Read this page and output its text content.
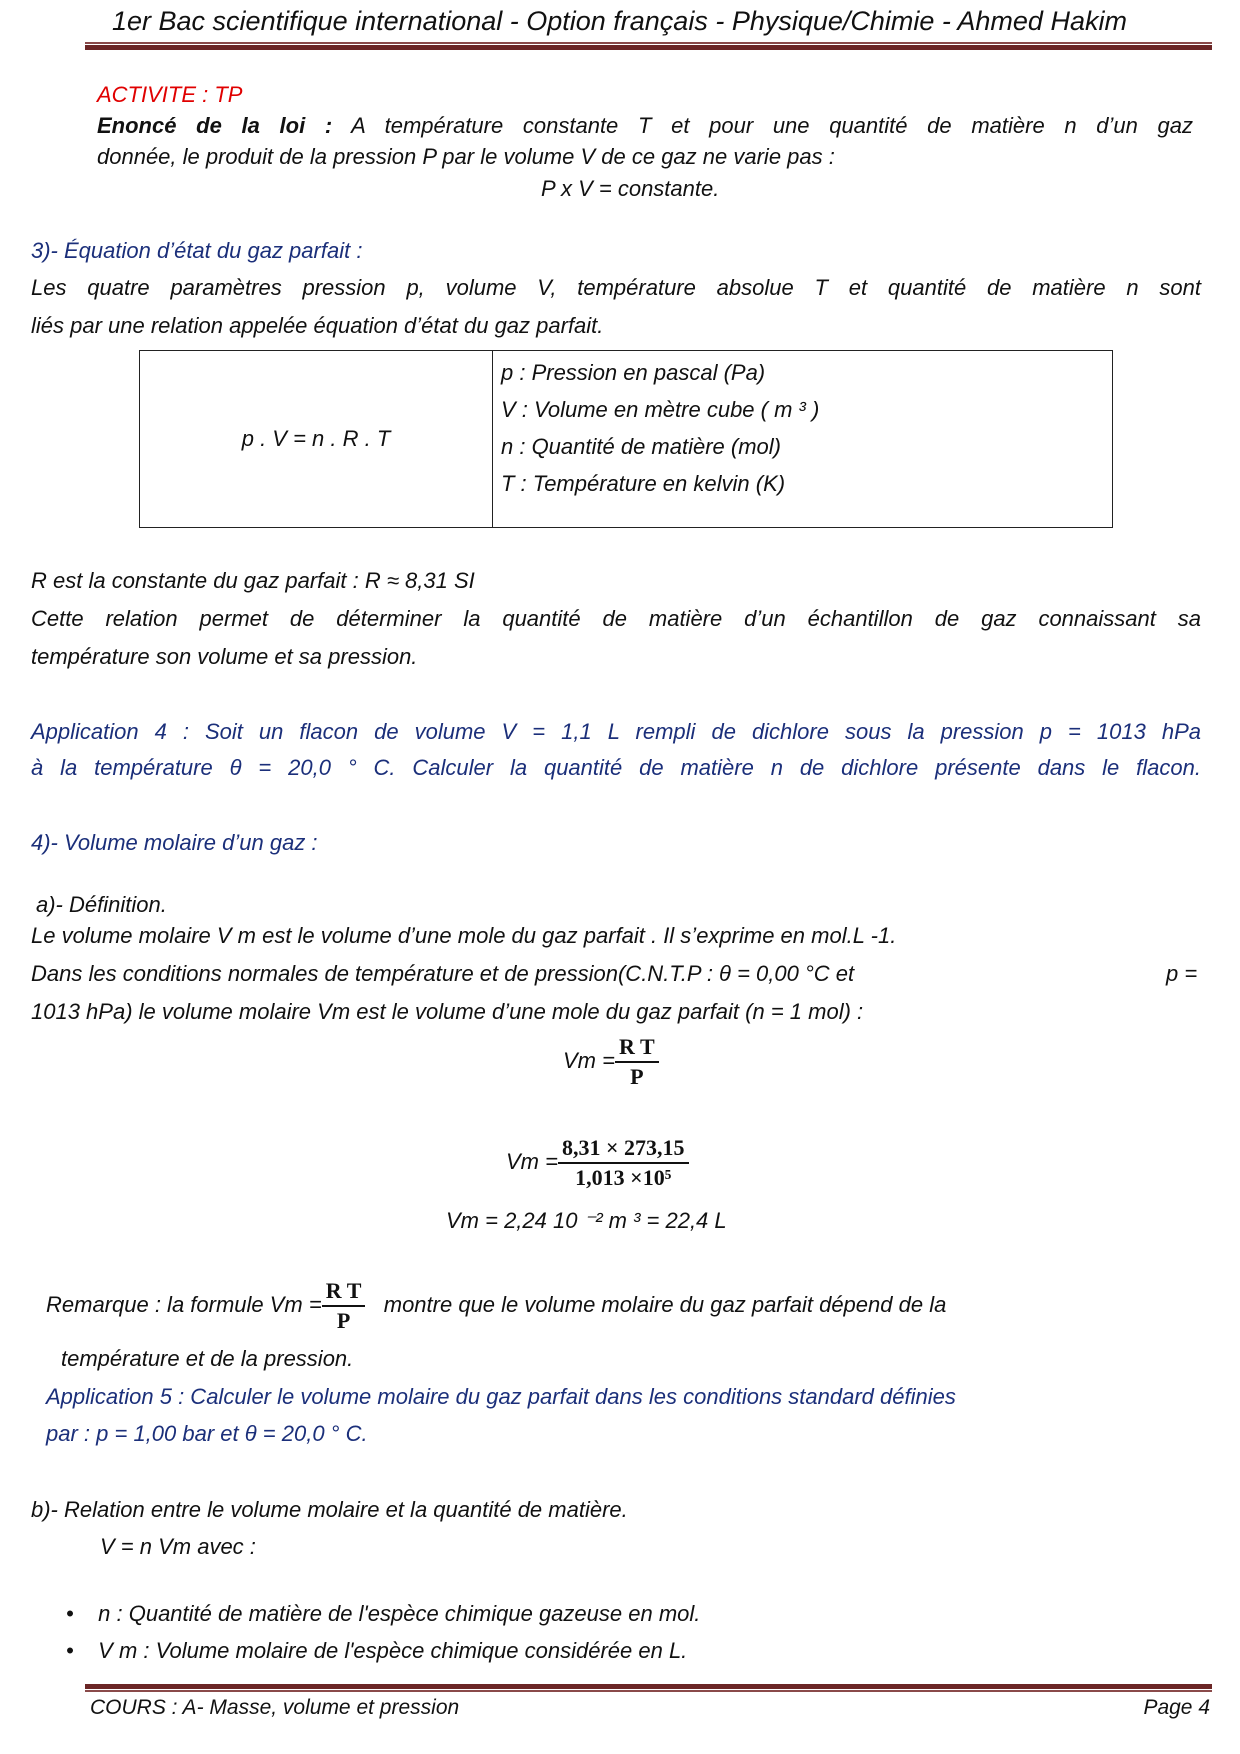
1er Bac scientifique international - Option français - Physique/Chimie - Ahmed Hakim
ACTIVITE : TP
Enoncé de la loi : A température constante T et pour une quantité de matière n d’un gaz
donnée, le produit de la pression P par le volume V de ce gaz ne varie pas :
P x V = constante.
3)- Équation d’état du gaz parfait :
Les quatre paramètres pression p, volume V, température absolue T et quantité de matière n sont
liés par une relation appelée équation d’état du gaz parfait.
p . V = n . R . T	
p : Pression en pascal (Pa)
V : Volume en mètre cube ( m ³ )
n : Quantité de matière (mol)
T : Température en kelvin (K)
R est la constante du gaz parfait : R ≈ 8,31 SI
Cette relation permet de déterminer la quantité de matière d’un échantillon de gaz connaissant sa
température son volume et sa pression.
Application 4 : Soit un flacon de volume V = 1,1 L rempli de dichlore sous la pression p = 1013 hPa
à la température θ = 20,0 ° C. Calculer la quantité de matière n de dichlore présente dans le flacon.
4)- Volume molaire d’un gaz :
a)- Définition.
Le volume molaire V m est le volume d’une mole du gaz parfait . Il s’exprime en mol.L -1.
Dans les conditions normales de température et de pression(C.N.T.P : θ = 0,00 °C et	p =
1013 hPa) le volume molaire Vm est le volume d’une mole du gaz parfait (n = 1 mol) :
$Vm = \frac{\text{R T}}{P}$
$Vm = \frac{8,31 \times 273,15}{\text{1,013 ×10⁵}}$
Vm = 2,24 10 ⁻² m ³ = 22,4 L
Remarque : la formule $Vm = \frac{\text{R T}}{P}$ montre que le volume molaire du gaz parfait dépend de la
température et de la pression.
Application 5 : Calculer le volume molaire du gaz parfait dans les conditions standard définies
par : p = 1,00 bar et θ = 20,0 ° C.
b)- Relation entre le volume molaire et la quantité de matière.
V = n Vm avec :
•    n : Quantité de matière de l'espèce chimique gazeuse en mol.
•    V m : Volume molaire de l'espèce chimique considérée en L.
COURS : A- Masse, volume et pression	Page 4
